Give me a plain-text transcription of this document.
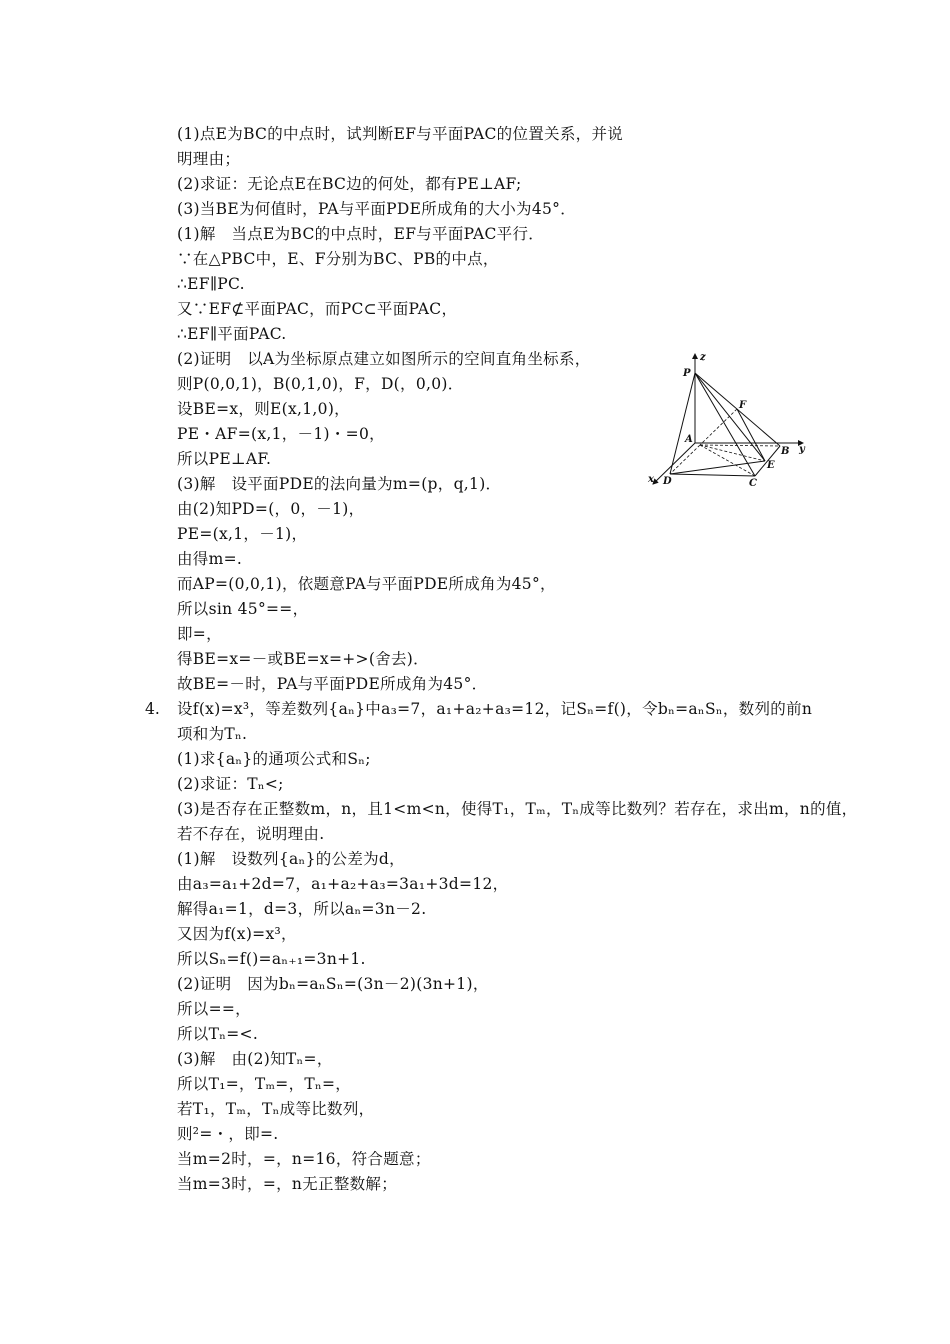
4.
(1)点E为BC的中点时，试判断EF与平面PAC的位置关系，并说
明理由；
(2)求证：无论点E在BC边的何处，都有PE⊥AF;
(3)当BE为何值时，PA与平面PDE所成角的大小为45°．
(1)解　当点E为BC的中点时，EF与平面PAC平行．
∵在△PBC中，E、F分别为BC、PB的中点，
∴EF∥PC.
又∵EF⊄平面PAC，而PC⊂平面PAC，
∴EF∥平面PAC.
(2)证明　以A为坐标原点建立如图所示的空间直角坐标系，
则P(0,0,1)，B(0,1,0)，F，D(，0,0)．
设BE=x，则E(x,1,0)，
PE・AF=(x,1，－1)・=0，
所以PE⊥AF.
(3)解　设平面PDE的法向量为m=(p，q,1)．
由(2)知PD=(，0，－1)，
PE=(x,1，－1)，
由得m=.
而AP=(0,0,1)，依题意PA与平面PDE所成角为45°，
所以sin 45°==，
即=，
得BE=x=－或BE=x=+>(舍去)．
故BE=－时，PA与平面PDE所成角为45°．
设f(x)=x³，等差数列{aₙ}中a₃=7，a₁+a₂+a₃=12，记Sₙ=f()，令bₙ=aₙSₙ，数列的前n
项和为Tₙ.
(1)求{aₙ}的通项公式和Sₙ;
(2)求证：Tₙ<;
(3)是否存在正整数m，n，且1<m<n，使得T₁，Tₘ，Tₙ成等比数列？若存在，求出m，n的值，
若不存在，说明理由.
(1)解　设数列{aₙ}的公差为d，
由a₃=a₁+2d=7，a₁+a₂+a₃=3a₁+3d=12，
解得a₁=1，d=3，所以aₙ=3n－2.
又因为f(x)=x³，
所以Sₙ=f()=aₙ₊₁=3n+1.
(2)证明　因为bₙ=aₙSₙ=(3n－2)(3n+1)，
所以==，
所以Tₙ=<.
(3)解　由(2)知Tₙ=，
所以T₁=，Tₘ=，Tₙ=，
若T₁，Tₘ，Tₙ成等比数列，
则²=・，即=.
当m=2时，=，n=16，符合题意；
当m=3时，=，n无正整数解；
z
P
F
A
B y
E
x D	C
